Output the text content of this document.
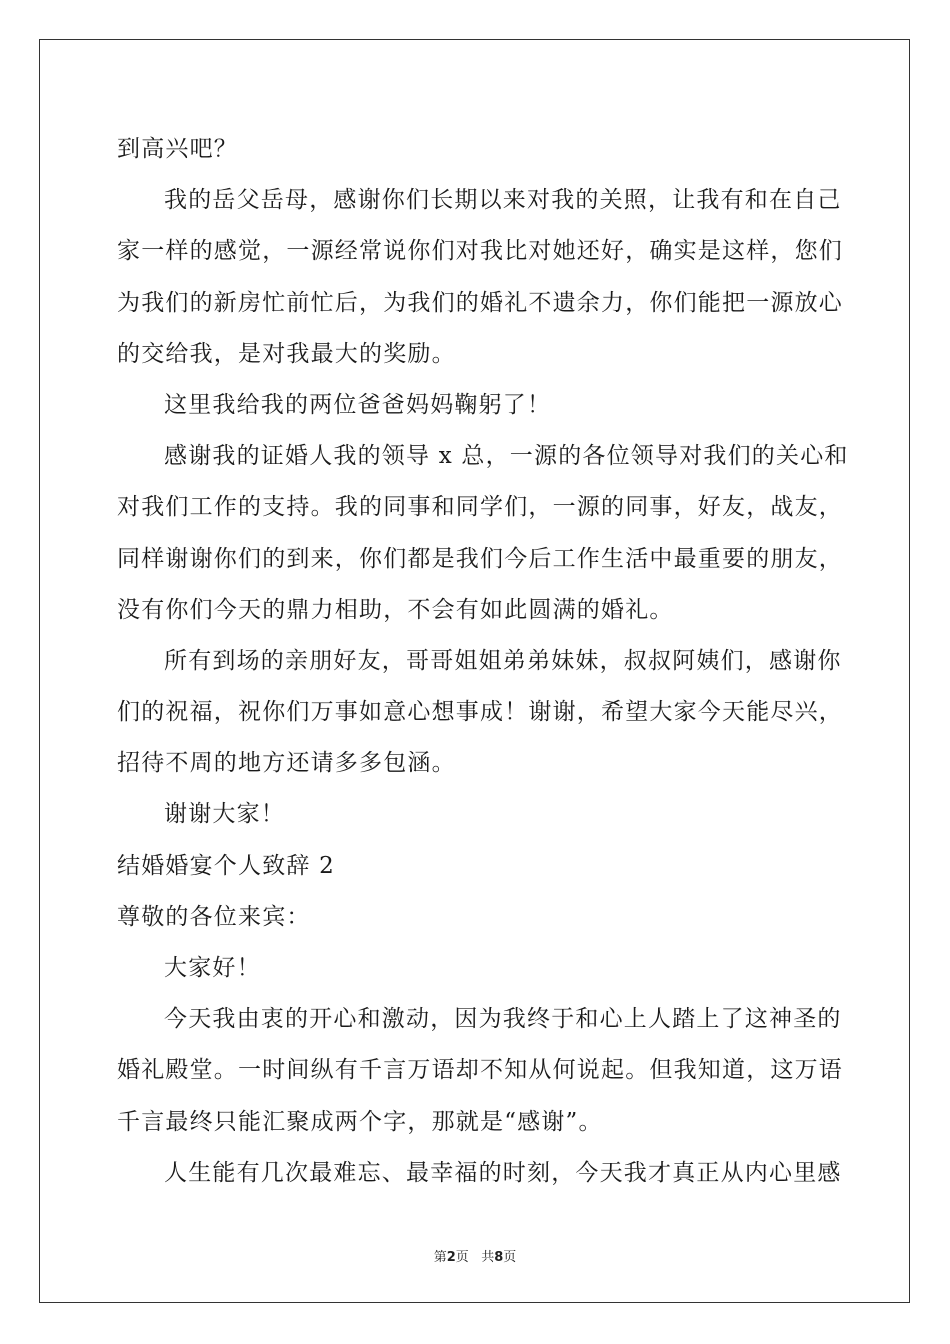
到高兴吧？
我的岳父岳母，感谢你们长期以来对我的关照，让我有和在自己
家一样的感觉，一源经常说你们对我比对她还好，确实是这样，您们
为我们的新房忙前忙后，为我们的婚礼不遗余力，你们能把一源放心
的交给我，是对我最大的奖励。
这里我给我的两位爸爸妈妈鞠躬了！
感谢我的证婚人我的领导 x 总，一源的各位领导对我们的关心和
对我们工作的支持。我的同事和同学们，一源的同事，好友，战友，
同样谢谢你们的到来，你们都是我们今后工作生活中最重要的朋友，
没有你们今天的鼎力相助，不会有如此圆满的婚礼。
所有到场的亲朋好友，哥哥姐姐弟弟妹妹，叔叔阿姨们，感谢你
们的祝福，祝你们万事如意心想事成！谢谢，希望大家今天能尽兴，
招待不周的地方还请多多包涵。
谢谢大家！
结婚婚宴个人致辞 2
尊敬的各位来宾：
大家好！
今天我由衷的开心和激动，因为我终于和心上人踏上了这神圣的
婚礼殿堂。一时间纵有千言万语却不知从何说起。但我知道，这万语
千言最终只能汇聚成两个字，那就是“感谢”。
人生能有几次最难忘、最幸福的时刻，今天我才真正从内心里感
第2页 共8页
